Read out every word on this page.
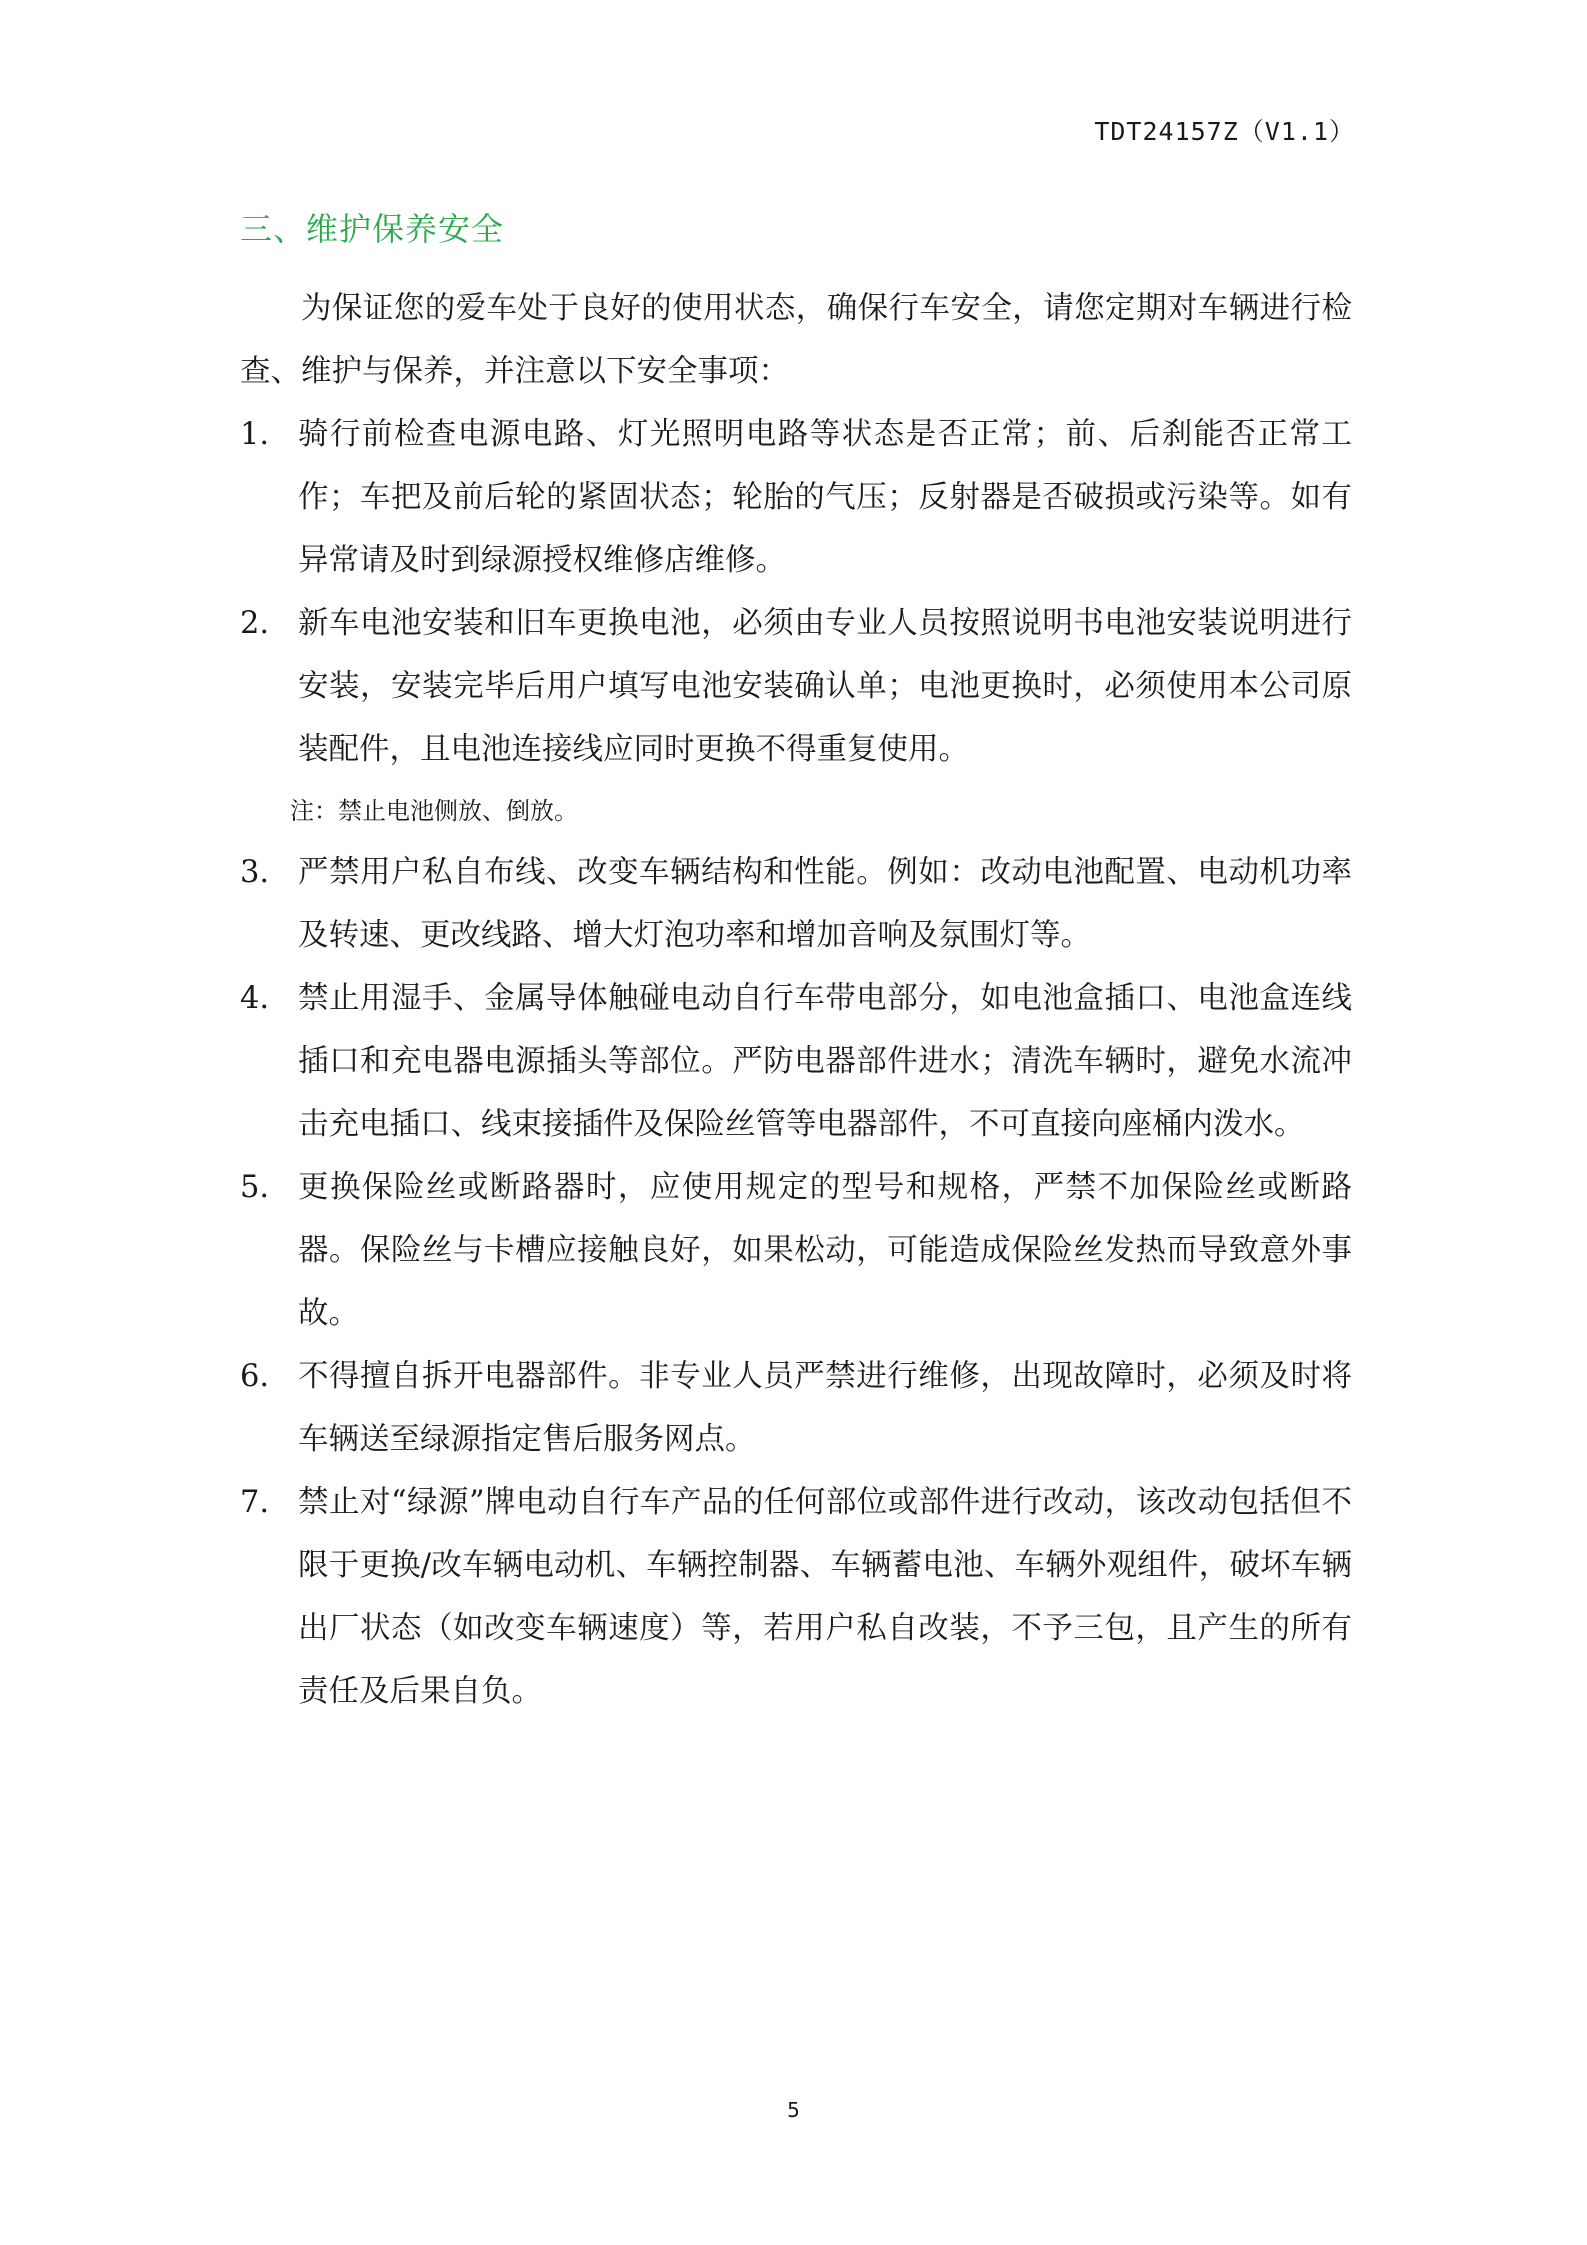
TDT24157Z（V1.1）
三、维护保养安全

为保证您的爱车处于良好的使用状态，确保行车安全，请您定期对车辆进行检查、维护与保养，并注意以下安全事项：

1. 骑行前检查电源电路、灯光照明电路等状态是否正常；前、后刹能否正常工作；车把及前后轮的紧固状态；轮胎的气压；反射器是否破损或污染等。如有异常请及时到绿源授权维修店维修。
2. 新车电池安装和旧车更换电池，必须由专业人员按照说明书电池安装说明进行安装，安装完毕后用户填写电池安装确认单；电池更换时，必须使用本公司原装配件，且电池连接线应同时更换不得重复使用。

注：禁止电池侧放、倒放。

3. 严禁用户私自布线、改变车辆结构和性能。例如：改动电池配置、电动机功率及转速、更改线路、增大灯泡功率和增加音响及氛围灯等。
4. 禁止用湿手、金属导体触碰电动自行车带电部分，如电池盒插口、电池盒连线插口和充电器电源插头等部位。严防电器部件进水；清洗车辆时，避免水流冲击充电插口、线束接插件及保险丝管等电器部件，不可直接向座桶内泼水。
5. 更换保险丝或断路器时，应使用规定的型号和规格，严禁不加保险丝或断路器。保险丝与卡槽应接触良好，如果松动，可能造成保险丝发热而导致意外事故。
6. 不得擅自拆开电器部件。非专业人员严禁进行维修，出现故障时，必须及时将车辆送至绿源指定售后服务网点。
7. 禁止对“绿源”牌电动自行车产品的任何部位或部件进行改动，该改动包括但不限于更换/改车辆电动机、车辆控制器、车辆蓄电池、车辆外观组件，破坏车辆出厂状态（如改变车辆速度）等，若用户私自改装，不予三包，且产生的所有责任及后果自负。
5
